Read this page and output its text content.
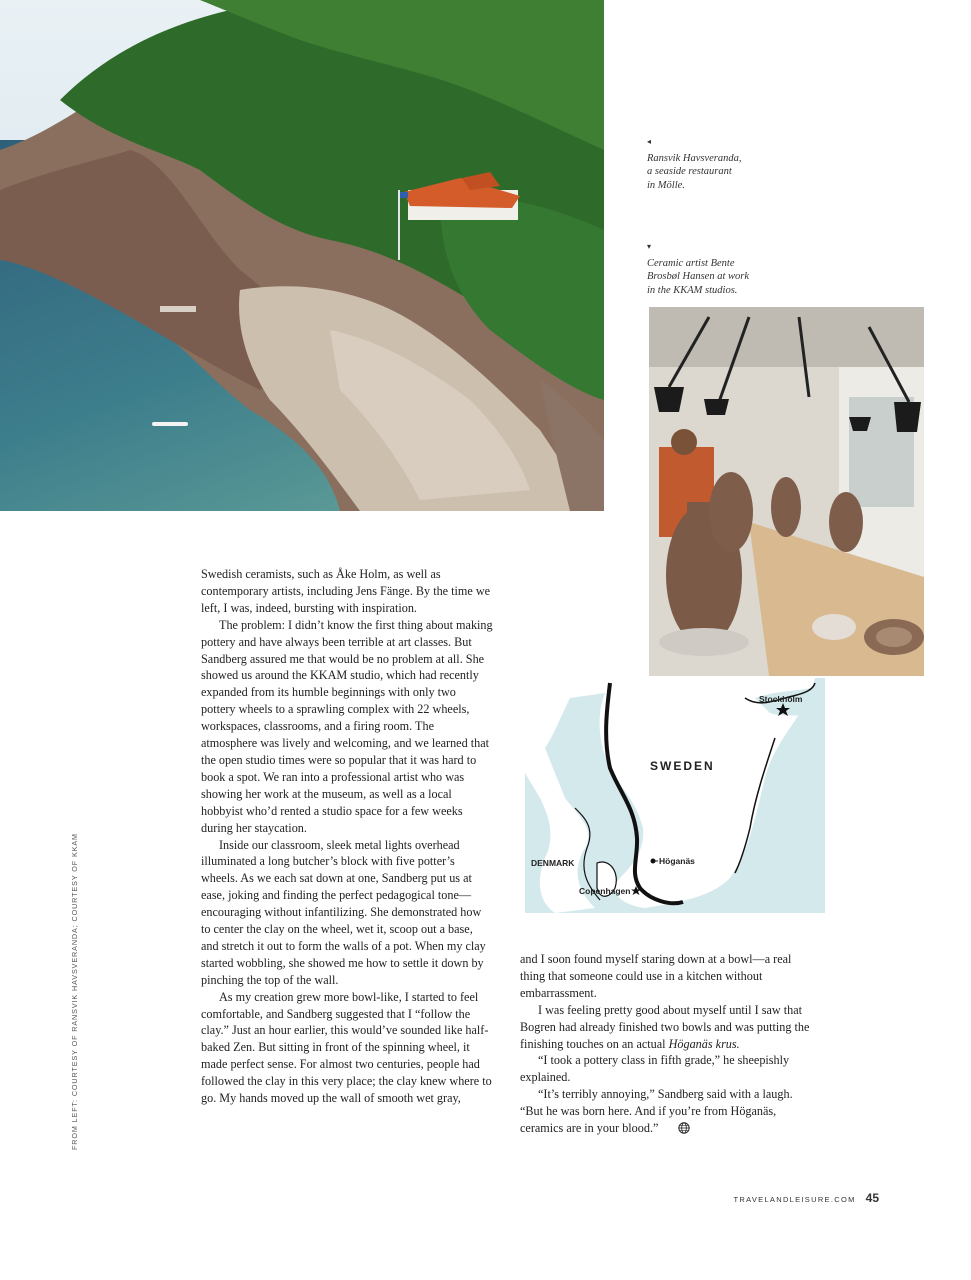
◂
Ransvik Havsveranda,
a seaside restaurant
in Mölle.
▾
Ceramic artist Bente
Brosbøl Hansen at work
in the KKAM studios.
SWEDEN
DENMARK
Stockholm
Höganäs
Copenhagen

Swedish ceramists, such as Åke Holm, as well as contemporary artists, including Jens Fänge. By the time we left, I was, indeed, bursting with inspiration.

The problem: I didn’t know the first thing about making pottery and have always been terrible at art classes. But Sandberg assured me that would be no problem at all. She showed us around the KKAM studio, which had recently expanded from its humble beginnings with only two pottery wheels to a sprawling complex with 22 wheels, workspaces, classrooms, and a firing room. The atmosphere was lively and welcoming, and we learned that the open studio times were so popular that it was hard to book a spot. We ran into a professional artist who was showing her work at the museum, as well as a local hobbyist who’d rented a studio space for a few weeks during her staycation.

Inside our classroom, sleek metal lights overhead illuminated a long butcher’s block with five potter’s wheels. As we each sat down at one, Sandberg put us at ease, joking and finding the perfect pedagogical tone—encouraging without infantilizing. She demonstrated how to center the clay on the wheel, wet it, scoop out a base, and stretch it out to form the walls of a pot. When my clay started wobbling, she showed me how to settle it down by pinching the top of the wall.

As my creation grew more bowl-like, I started to feel comfortable, and Sandberg suggested that I “follow the clay.” Just an hour earlier, this would’ve sounded like half-baked Zen. But sitting in front of the spinning wheel, it made perfect sense. For almost two centuries, people had followed the clay in this very place; the clay knew where to go. My hands moved up the wall of smooth wet gray,

and I soon found myself staring down at a bowl—a real thing that someone could use in a kitchen without embarrassment.

I was feeling pretty good about myself until I saw that Bogren had already finished two bowls and was putting the finishing touches on an actual Höganäs krus.

“I took a pottery class in fifth grade,” he sheepishly explained.

“It’s terribly annoying,” Sandberg said with a laugh. “But he was born here. And if you’re from Höganäs, ceramics are in your blood.”

FROM LEFT: COURTESY OF RANSVIK HAVSVERANDA; COURTESY OF KKAM
TRAVELANDLEISURE.COM 45
